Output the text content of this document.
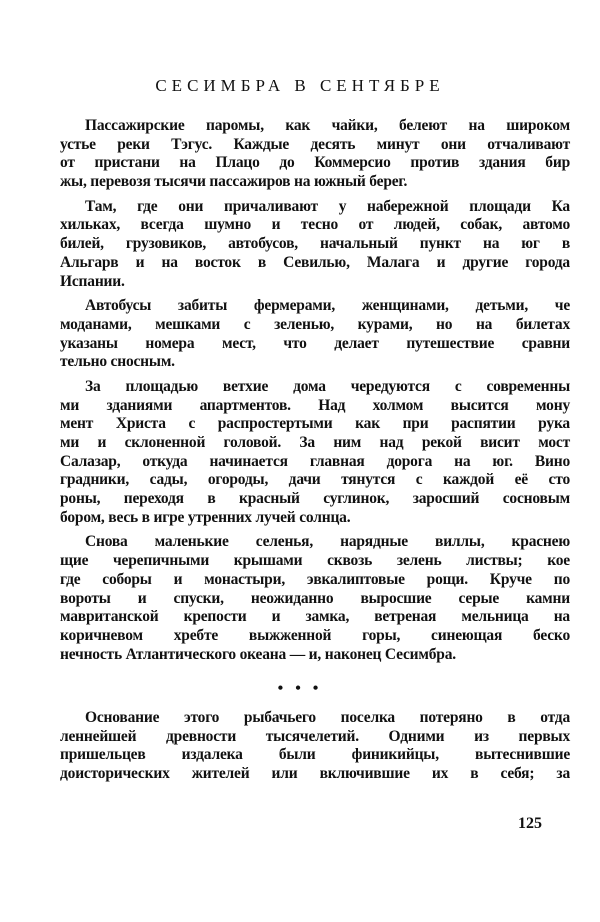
СЕСИМБРА В СЕНТЯБРЕ
Пассажирские паромы, как чайки, белеют на широком
устье реки Тэгус. Каждые десять минут они отчаливают
от пристани на Плацо до Коммерсио против здания бир
жы, перевозя тысячи пассажиров на южный берег.
Там, где они причаливают у набережной площади Ка
хильках, всегда шумно и тесно от людей, собак, автомо
билей, грузовиков, автобусов, начальный пункт на юг в
Альгарв и на восток в Севилью, Малага и другие города
Испании.
Автобусы забиты фермерами, женщинами, детьми, че
моданами, мешками с зеленью, курами, но на билетах
указаны номера мест, что делает путешествие сравни
тельно сносным.
За площадью ветхие дома чередуются с современны
ми зданиями апартментов. Над холмом высится мону
мент Христа с распростертыми как при распятии рука
ми и склоненной головой. За ним над рекой висит мост
Салазар, откуда начинается главная дорога на юг. Вино
градники, сады, огороды, дачи тянутся с каждой её сто
роны, переходя в красный суглинок, заросший сосновым
бором, весь в игре утренних лучей солнца.
Снова маленькие селенья, нарядные виллы, краснею
щие черепичными крышами сквозь зелень листвы; кое
где соборы и монастыри, эвкалиптовые рощи. Круче по
вороты и спуски, неожиданно выросшие серые камни
мавританской крепости и замка, ветреная мельница на
коричневом хребте выжженной горы, синеющая беско
нечность Атлантического океана — и, наконец Сесимбра.
• • •
Основание этого рыбачьего поселка потеряно в отда
леннейшей древности тысячелетий. Одними из первых
пришельцев издалека были финикийцы, вытеснившие
доисторических жителей или включившие их в себя; за
125
